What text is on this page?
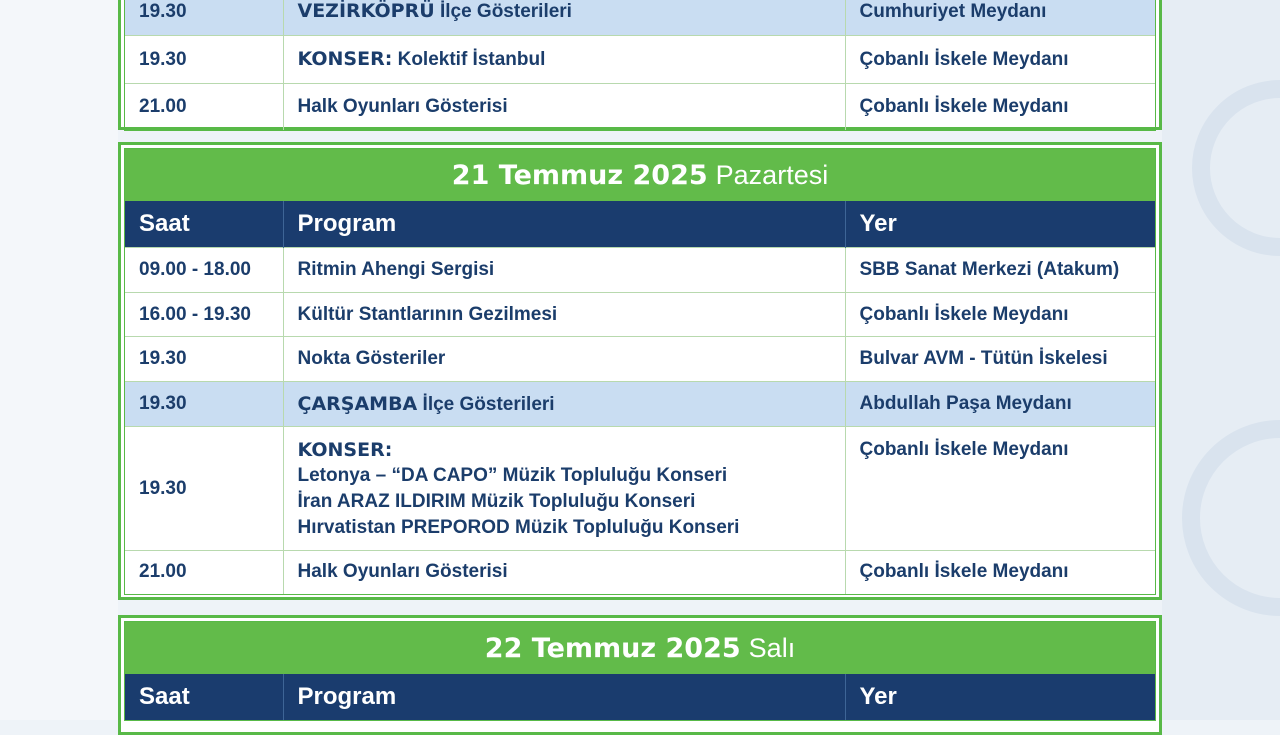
19.30	VEZİRKÖPRÜ İlçe Gösterileri	Cumhuriyet Meydanı
19.30	KONSER: Kolektif İstanbul	Çobanlı İskele Meydanı
21.00	Halk Oyunları Gösterisi	Çobanlı İskele Meydanı
21 Temmuz 2025 Pazartesi
Saat	Program	Yer
09.00 - 18.00	Ritmin Ahengi Sergisi	SBB Sanat Merkezi (Atakum)
16.00 - 19.30	Kültür Stantlarının Gezilmesi	Çobanlı İskele Meydanı
19.30	Nokta Gösteriler	Bulvar AVM - Tütün İskelesi
19.30	ÇARŞAMBA İlçe Gösterileri	Abdullah Paşa Meydanı
19.30	KONSER:
Letonya – “DA CAPO” Müzik Topluluğu Konseri
İran ARAZ ILDIRIM Müzik Topluluğu Konseri
Hırvatistan PREPOROD Müzik Topluluğu Konseri	Çobanlı İskele Meydanı
21.00	Halk Oyunları Gösterisi	Çobanlı İskele Meydanı
22 Temmuz 2025 Salı
Saat	Program	Yer
